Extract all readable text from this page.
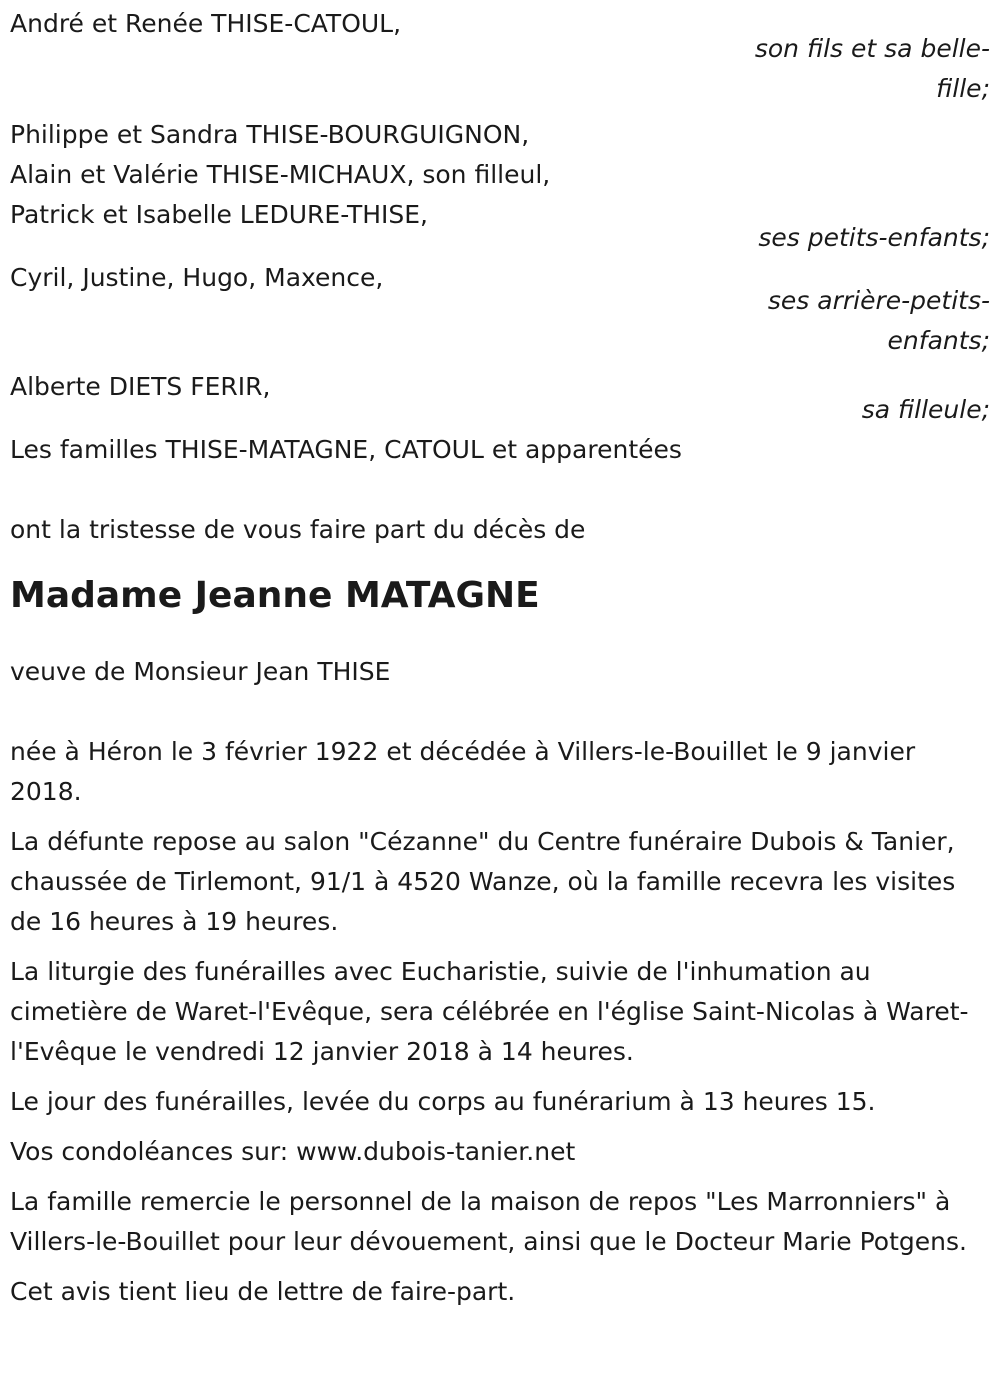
André et Renée THISE-CATOUL,

son fils et sa belle-

fille;

Philippe et Sandra THISE-BOURGUIGNON,

Alain et Valérie THISE-MICHAUX, son filleul,

Patrick et Isabelle LEDURE-THISE,

ses petits-enfants;

Cyril, Justine, Hugo, Maxence,

ses arrière-petits-

enfants;

Alberte DIETS FERIR,

sa filleule;

Les familles THISE-MATAGNE, CATOUL et apparentées

ont la tristesse de vous faire part du décès de

Madame Jeanne MATAGNE

veuve de Monsieur Jean THISE

née à Héron le 3 février 1922 et décédée à Villers-le-Bouillet le 9 janvier 2018.

La défunte repose au salon "Cézanne" du Centre funéraire Dubois & Tanier, chaussée de Tirlemont, 91/1 à 4520 Wanze, où la famille recevra les visites de 16 heures à 19 heures.

La liturgie des funérailles avec Eucharistie, suivie de l'inhumation au cimetière de Waret-l'Evêque, sera célébrée en l'église Saint-Nicolas à Waret-l'Evêque le vendredi 12 janvier 2018 à 14 heures.

Le jour des funérailles, levée du corps au funérarium à 13 heures 15.

Vos condoléances sur: www.dubois-tanier.net

La famille remercie le personnel de la maison de repos "Les Marronniers" à Villers-le-Bouillet pour leur dévouement, ainsi que le Docteur Marie Potgens.

Cet avis tient lieu de lettre de faire-part.
